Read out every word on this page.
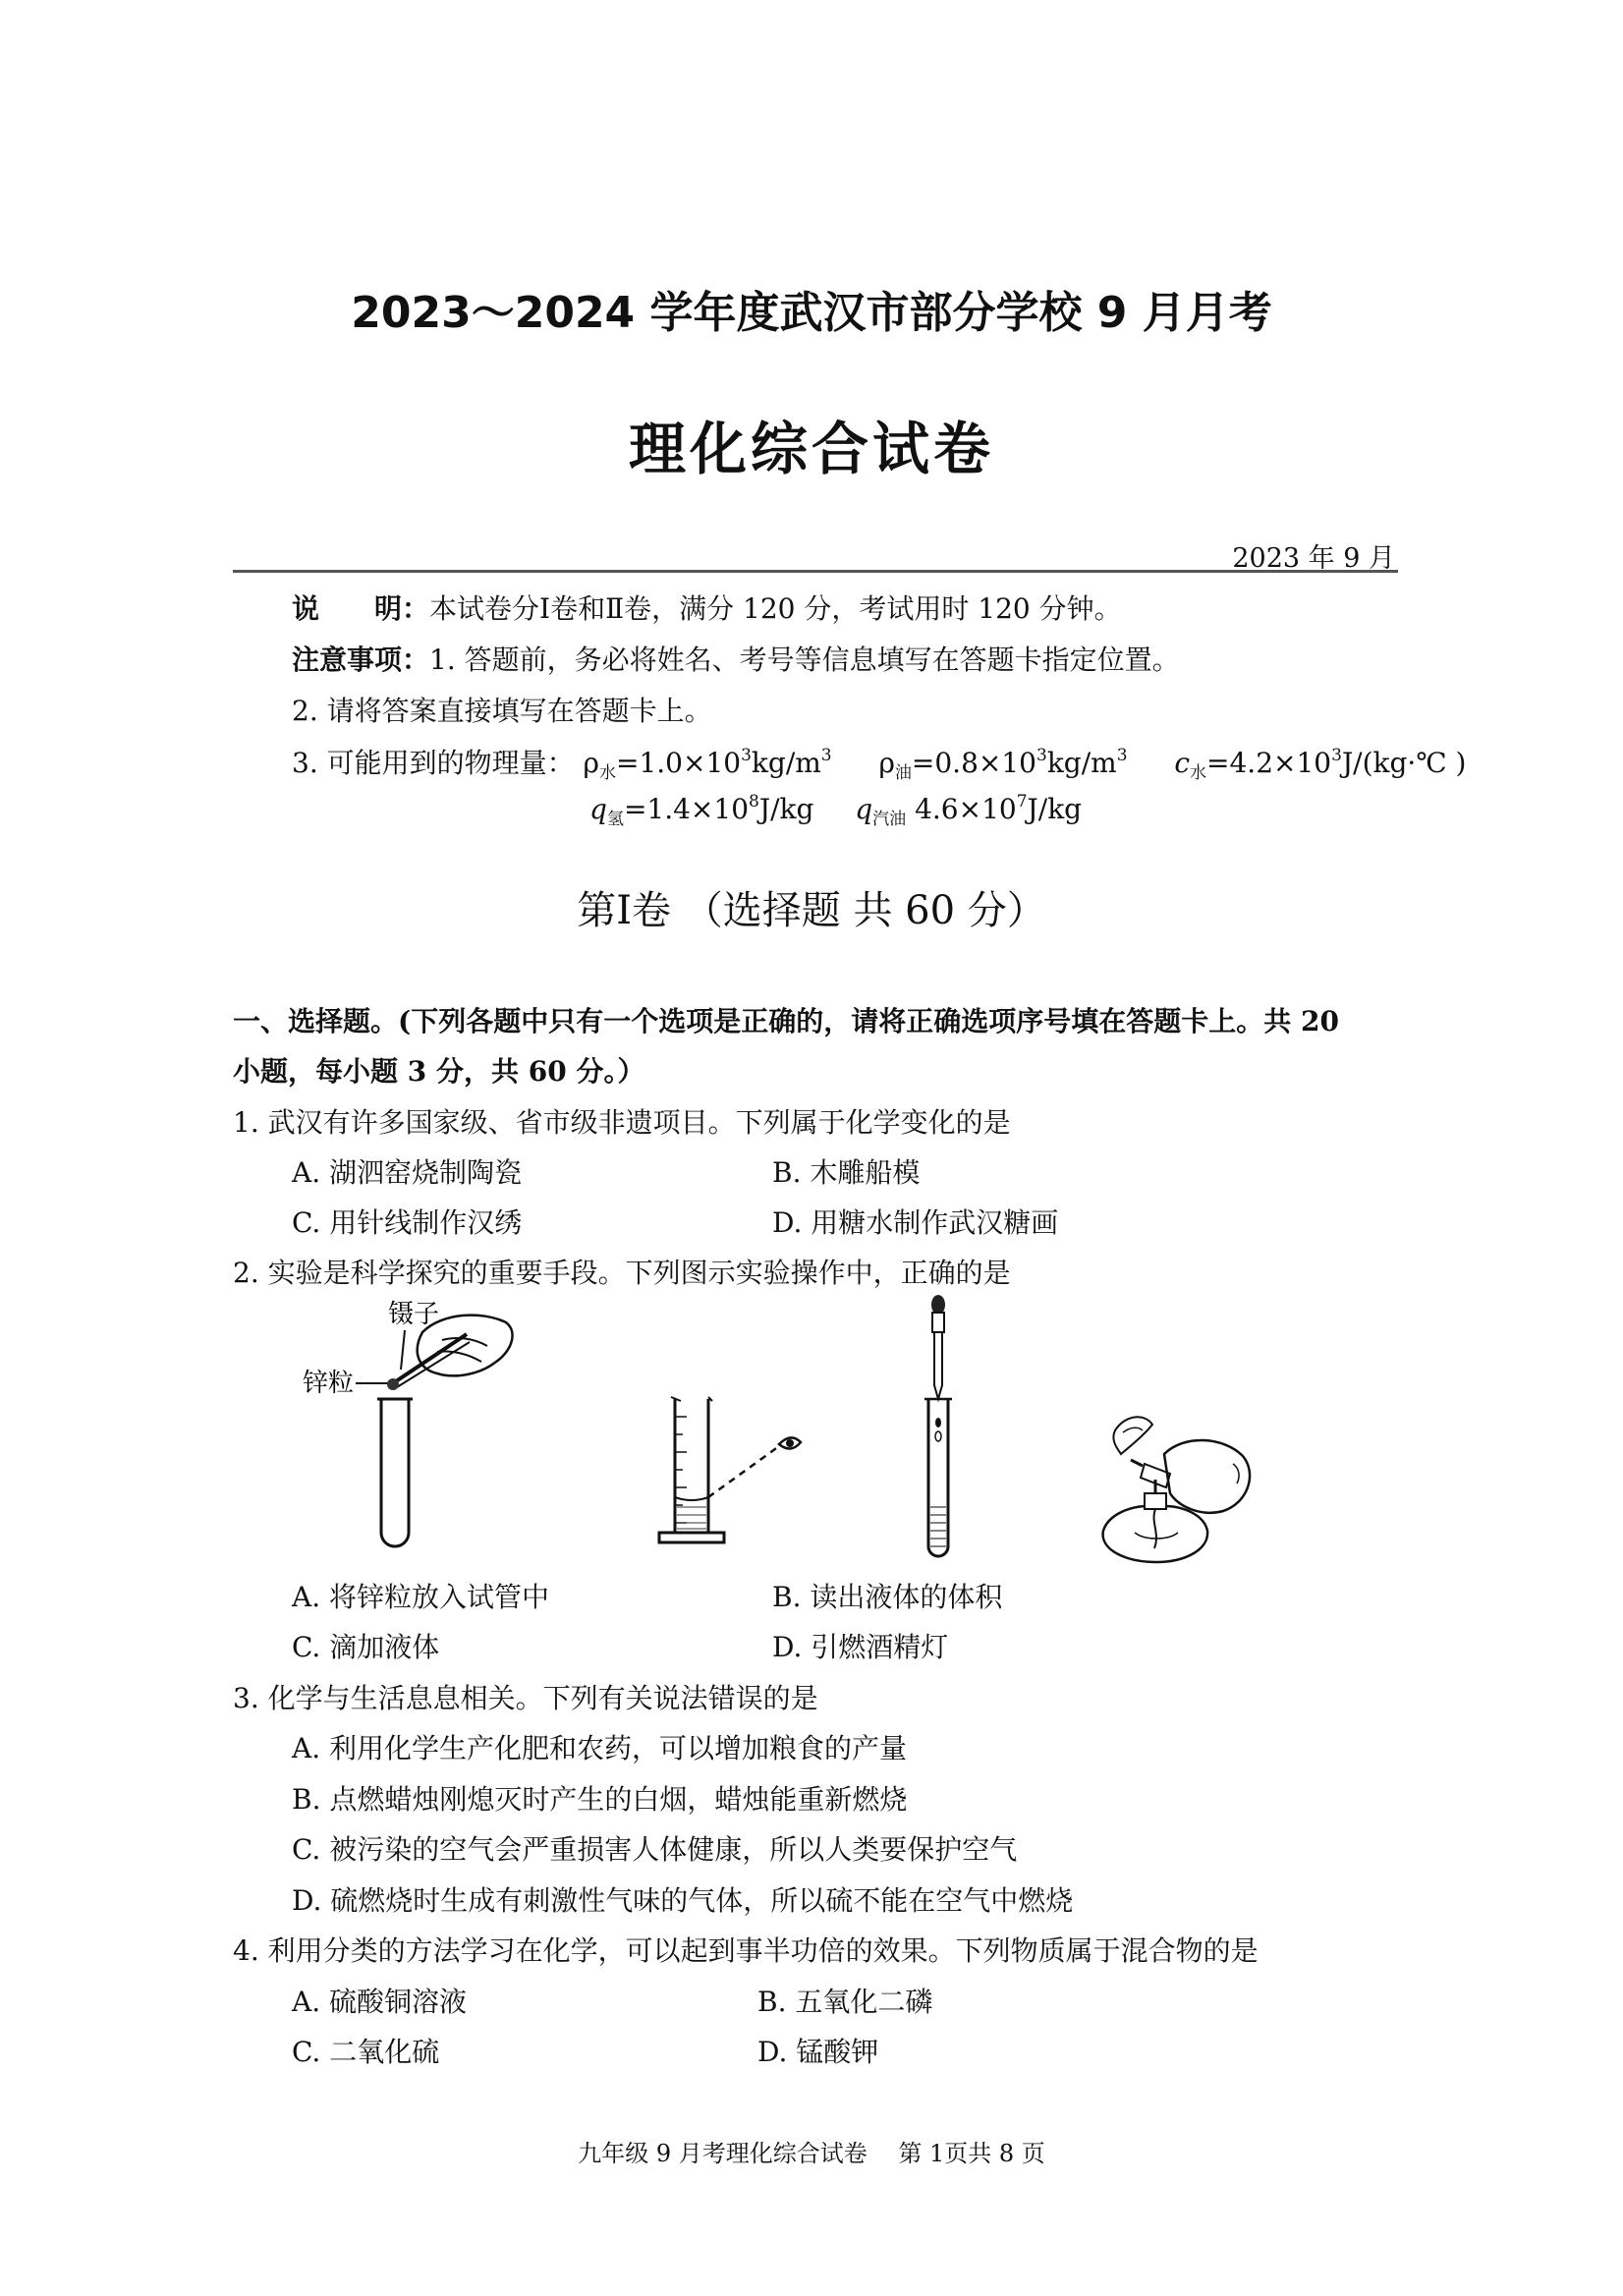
2023～2024 学年度武汉市部分学校 9 月月考
理化综合试卷
2023 年 9 月
说　　明：本试卷分Ⅰ卷和Ⅱ卷，满分 120 分，考试用时 120 分钟。
注意事项：1. 答题前，务必将姓名、考号等信息填写在答题卡指定位置。
2. 请将答案直接填写在答题卡上。
3. 可能用到的物理量： $\rho_水=1.0\times 10^3kg/m^3$ $\rho_油=0.8\times 10^3kg/m^3$ $c_水=4.2\times 10^3J/(kg\cdot℃$ )
$q_氢=1.4\times 10^8J/kg$ $q_{汽油}$ $4.6\times 10^7J/kg$
第Ⅰ卷 （选择题 共 60 分）
一、选择题。(下列各题中只有一个选项是正确的，请将正确选项序号填在答题卡上。共 20
小题，每小题 3 分，共 60 分。）
1. 武汉有许多国家级、省市级非遗项目。下列属于化学变化的是
A. 湖泗窑烧制陶瓷	B. 木雕船模
C. 用针线制作汉绣	D. 用糖水制作武汉糖画
2. 实验是科学探究的重要手段。下列图示实验操作中，正确的是
镊子
锌粒
A. 将锌粒放入试管中	B. 读出液体的体积
C. 滴加液体	D. 引燃酒精灯
3. 化学与生活息息相关。下列有关说法错误的是
A. 利用化学生产化肥和农药，可以增加粮食的产量
B. 点燃蜡烛刚熄灭时产生的白烟，蜡烛能重新燃烧
C. 被污染的空气会严重损害人体健康，所以人类要保护空气
D. 硫燃烧时生成有刺激性气味的气体，所以硫不能在空气中燃烧
4. 利用分类的方法学习在化学，可以起到事半功倍的效果。下列物质属于混合物的是
A. 硫酸铜溶液	B. 五氧化二磷
C. 二氧化硫	D. 锰酸钾
九年级 9 月考理化综合试卷　 第 1页共 8 页
